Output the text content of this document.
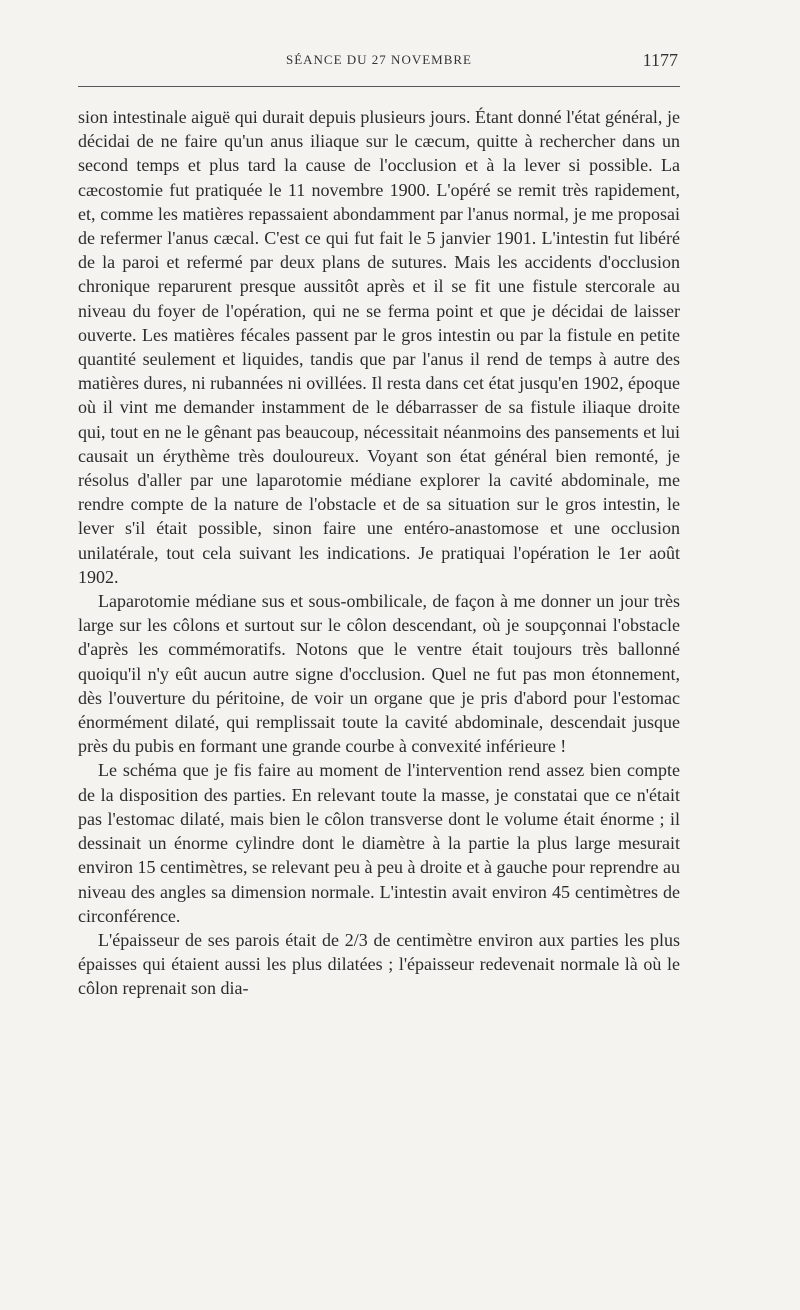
SÉANCE DU 27 NOVEMBRE	1177

sion intestinale aiguë qui durait depuis plusieurs jours. Étant donné l'état général, je décidai de ne faire qu'un anus iliaque sur le cæcum, quitte à rechercher dans un second temps et plus tard la cause de l'occlusion et à la lever si possible. La cæcostomie fut pratiquée le 11 novembre 1900. L'opéré se remit très rapidement, et, comme les matières repassaient abondamment par l'anus normal, je me proposai de refermer l'anus cæcal. C'est ce qui fut fait le 5 janvier 1901. L'intestin fut libéré de la paroi et refermé par deux plans de sutures. Mais les accidents d'occlusion chronique reparurent presque aussitôt après et il se fit une fistule stercorale au niveau du foyer de l'opération, qui ne se ferma point et que je décidai de laisser ouverte. Les matières fécales passent par le gros intestin ou par la fistule en petite quantité seulement et liquides, tandis que par l'anus il rend de temps à autre des matières dures, ni rubannées ni ovillées. Il resta dans cet état jusqu'en 1902, époque où il vint me demander instamment de le débarrasser de sa fistule iliaque droite qui, tout en ne le gênant pas beaucoup, nécessitait néanmoins des pansements et lui causait un érythème très douloureux. Voyant son état général bien remonté, je résolus d'aller par une laparotomie médiane explorer la cavité abdominale, me rendre compte de la nature de l'obstacle et de sa situation sur le gros intestin, le lever s'il était possible, sinon faire une entéro-anastomose et une occlusion unilatérale, tout cela suivant les indications. Je pratiquai l'opération le 1er août 1902.

Laparotomie médiane sus et sous-ombilicale, de façon à me donner un jour très large sur les côlons et surtout sur le côlon descendant, où je soupçonnai l'obstacle d'après les commémoratifs. Notons que le ventre était toujours très ballonné quoiqu'il n'y eût aucun autre signe d'occlusion. Quel ne fut pas mon étonnement, dès l'ouverture du péritoine, de voir un organe que je pris d'abord pour l'estomac énormément dilaté, qui remplissait toute la cavité abdominale, descendait jusque près du pubis en formant une grande courbe à convexité inférieure !

Le schéma que je fis faire au moment de l'intervention rend assez bien compte de la disposition des parties. En relevant toute la masse, je constatai que ce n'était pas l'estomac dilaté, mais bien le côlon transverse dont le volume était énorme ; il dessinait un énorme cylindre dont le diamètre à la partie la plus large mesurait environ 15 centimètres, se relevant peu à peu à droite et à gauche pour reprendre au niveau des angles sa dimension normale. L'intestin avait environ 45 centimètres de circonférence.

L'épaisseur de ses parois était de 2/3 de centimètre environ aux parties les plus épaisses qui étaient aussi les plus dilatées ; l'épaisseur redevenait normale là où le côlon reprenait son dia-
